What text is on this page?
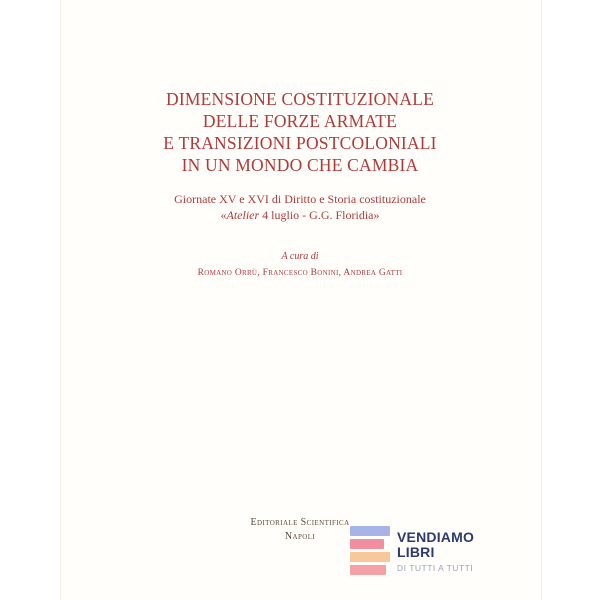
DIMENSIONE COSTITUZIONALE
DELLE FORZE ARMATE
E TRANSIZIONI POSTCOLONIALI
IN UN MONDO CHE CAMBIA
Giornate XV e XVI di Diritto e Storia costituzionale
«Atelier 4 luglio - G.G. Floridia»
A cura di
Romano Orrù, Francesco Bonini, Andrea Gatti
Editoriale Scientifica
Napoli	VENDIAMO
LIBRI
DI TUTTI A TUTTI
